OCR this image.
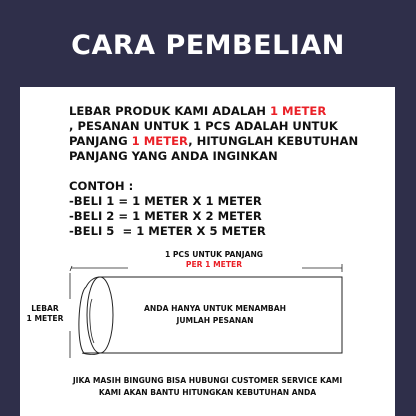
CARA PEMBELIAN
LEBAR PRODUK KAMI ADALAH 1 METER
, PESANAN UNTUK 1 PCS ADALAH UNTUK
PANJANG 1 METER, HITUNGLAH KEBUTUHAN
PANJANG YANG ANDA INGINKAN
CONTOH :
-BELI 1 = 1 METER X 1 METER
-BELI 2 = 1 METER X 2 METER
-BELI 5  = 1 METER X 5 METER
1 PCS UNTUK PANJANG
PER 1 METER
LEBAR
1 METER
ANDA HANYA UNTUK MENAMBAH
JUMLAH PESANAN
JIKA MASIH BINGUNG BISA HUBUNGI CUSTOMER SERVICE KAMI
KAMI AKAN BANTU HITUNGKAN KEBUTUHAN ANDA
